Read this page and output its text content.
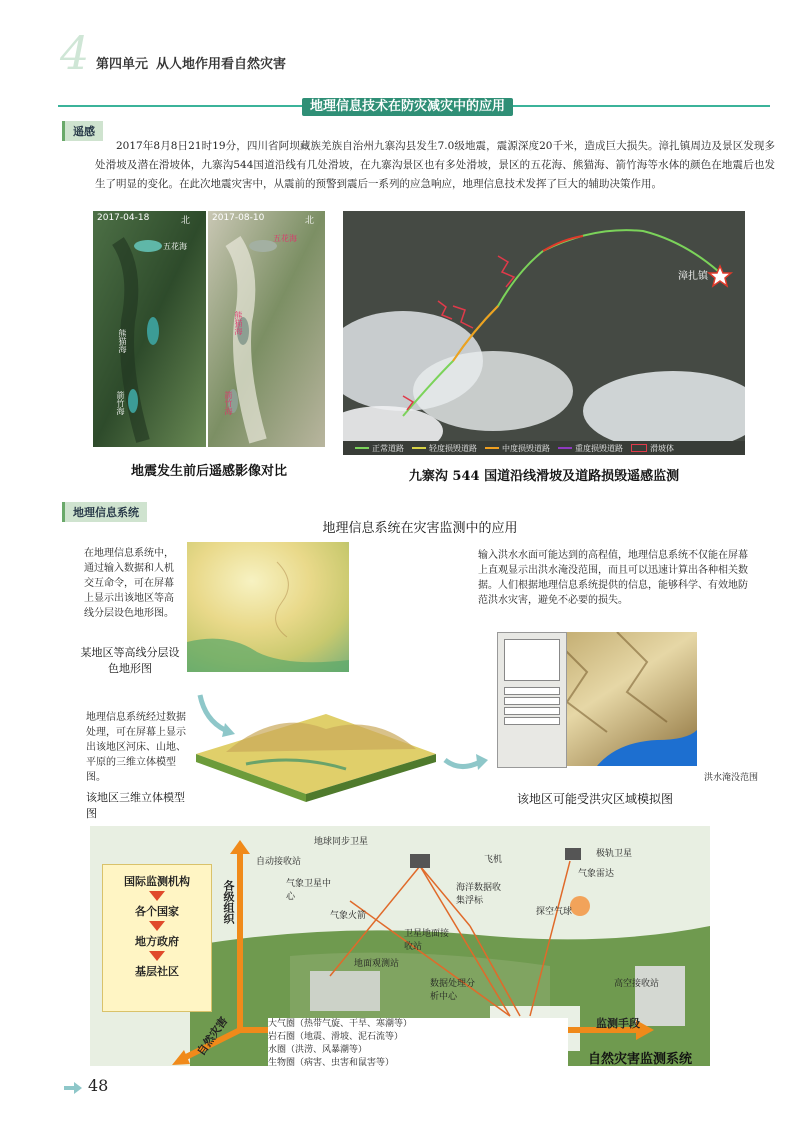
4 第四单元 从人地作用看自然灾害
地理信息技术在防灾减灾中的应用
遥感
2017年8月8日21时19分，四川省阿坝藏族羌族自治州九寨沟县发生7.0级地震，震源深度20千米，造成巨大损失。漳扎镇周边及景区发现多处滑坡及潜在滑坡体，九寨沟544国道沿线有几处滑坡，在九寨沟景区也有多处滑坡，景区的五花海、熊猫海、箭竹海等水体的颜色在地震后也发生了明显的变化。在此次地震灾害中，从震前的预警到震后一系列的应急响应，地理信息技术发挥了巨大的辅助决策作用。
2017-04-18	2017-08-10
北	北
五花海
五花海
熊猫海
熊猫海
箭竹海	箭竹海
地震发生前后遥感影像对比
漳扎镇
正常道路	轻度损毁道路	中度损毁道路	重度损毁道路	滑坡体
九寨沟 544 国道沿线滑坡及道路损毁遥感监测
地理信息系统
地理信息系统在灾害监测中的应用
在地理信息系统中，通过输入数据和人机交互命令，可在屏幕上显示出该地区等高线分层设色地形图。
某地区等高线分层设色地形图
输入洪水水面可能达到的高程值，地理信息系统不仅能在屏幕上直观显示出洪水淹没范围，而且可以迅速计算出各种相关数据。人们根据地理信息系统提供的信息，能够科学、有效地防范洪水灾害，避免不必要的损失。
洪水淹没范围
该地区可能受洪灾区域模拟图
地理信息系统经过数据处理，可在屏幕上显示出该地区河床、山地、平原的三维立体模型图。
该地区三维立体模型图
各级组织
监测手段
自然灾害
国际监测机构
各个国家
地方政府
基层社区
地球同步卫星
极轨卫星
自动接收站	飞机
气象卫星中心
海洋数据收集浮标
气象雷达
气象火箭	探空气球
卫星地面接收站
地面观测站
数据处理分析中心
高空接收站
大气圈（热带气旋、干旱、寒潮等）
岩石圈（地震、滑坡、泥石流等）
水圈（洪涝、风暴潮等）
生物圈（病害、虫害和鼠害等）	自然灾害监测系统
48
